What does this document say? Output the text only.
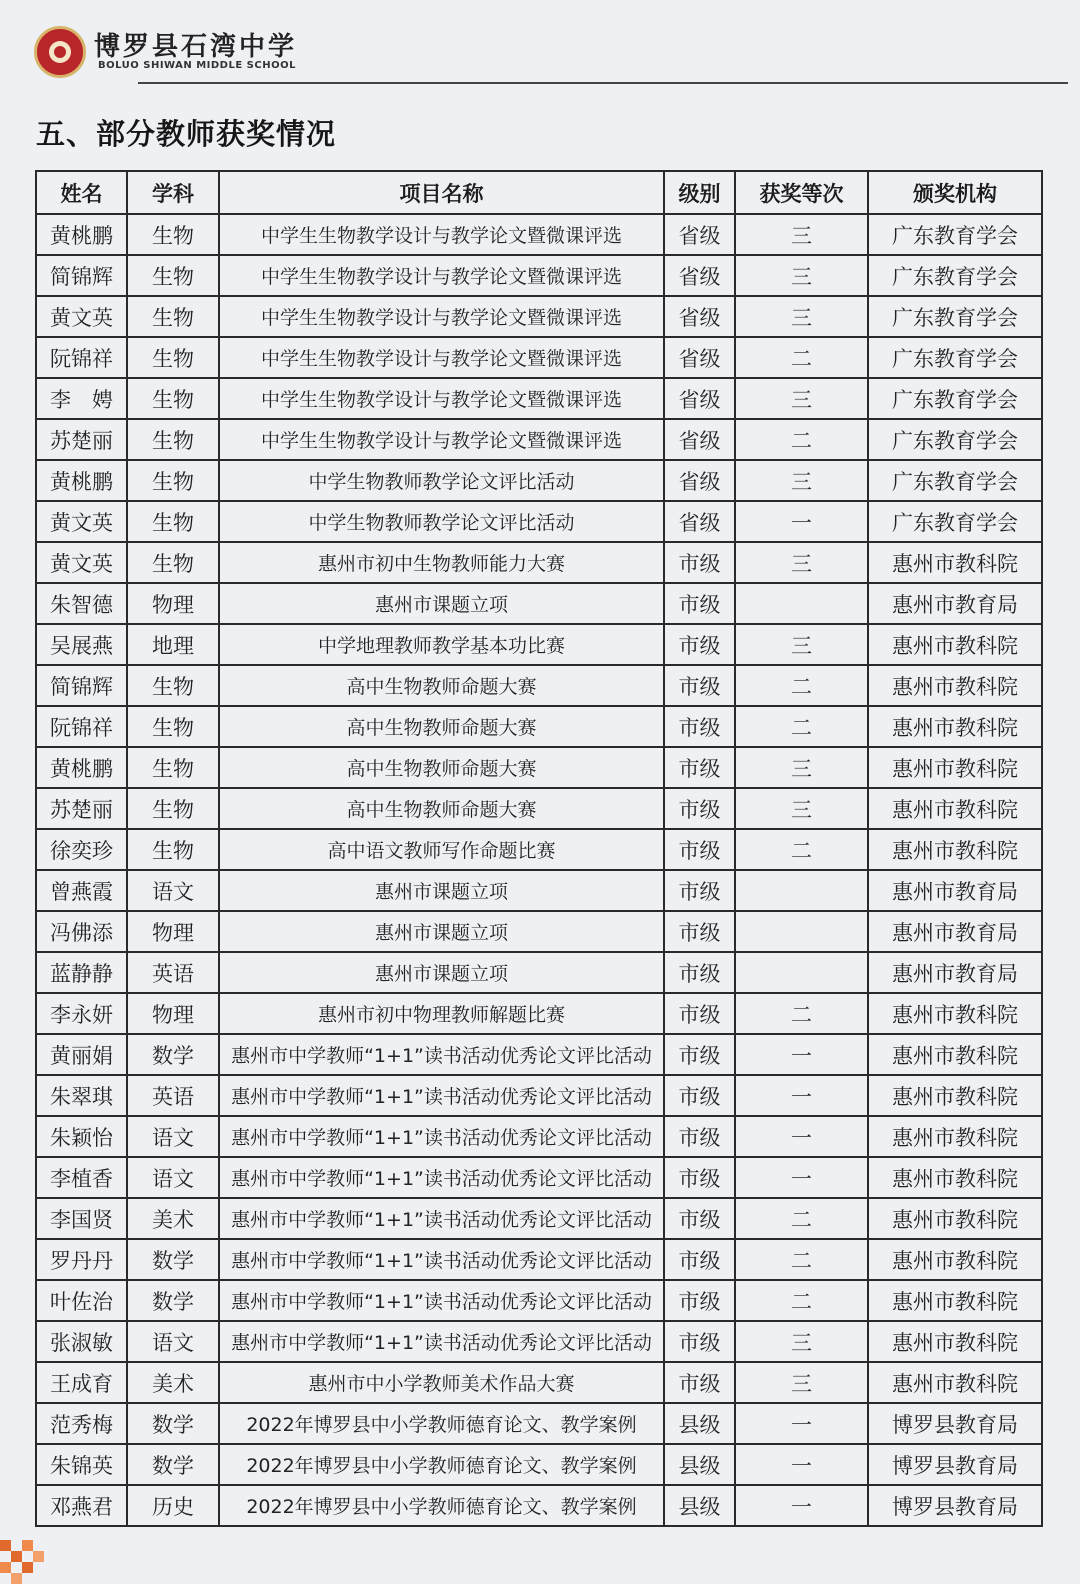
博罗县石湾中学
BOLUO SHIWAN MIDDLE SCHOOL
五、部分教师获奖情况
姓名	学科	项目名称	级别	获奖等次	颁奖机构
黄桃鹏	生物	中学生生物教学设计与教学论文暨微课评选	省级	三	广东教育学会
简锦辉	生物	中学生生物教学设计与教学论文暨微课评选	省级	三	广东教育学会
黄文英	生物	中学生生物教学设计与教学论文暨微课评选	省级	三	广东教育学会
阮锦祥	生物	中学生生物教学设计与教学论文暨微课评选	省级	二	广东教育学会
李　娉	生物	中学生生物教学设计与教学论文暨微课评选	省级	三	广东教育学会
苏楚丽	生物	中学生生物教学设计与教学论文暨微课评选	省级	二	广东教育学会
黄桃鹏	生物	中学生物教师教学论文评比活动	省级	三	广东教育学会
黄文英	生物	中学生物教师教学论文评比活动	省级	一	广东教育学会
黄文英	生物	惠州市初中生物教师能力大赛	市级	三	惠州市教科院
朱智德	物理	惠州市课题立项	市级		惠州市教育局
吴展燕	地理	中学地理教师教学基本功比赛	市级	三	惠州市教科院
简锦辉	生物	高中生物教师命题大赛	市级	二	惠州市教科院
阮锦祥	生物	高中生物教师命题大赛	市级	二	惠州市教科院
黄桃鹏	生物	高中生物教师命题大赛	市级	三	惠州市教科院
苏楚丽	生物	高中生物教师命题大赛	市级	三	惠州市教科院
徐奕珍	生物	高中语文教师写作命题比赛	市级	二	惠州市教科院
曾燕霞	语文	惠州市课题立项	市级		惠州市教育局
冯佛添	物理	惠州市课题立项	市级		惠州市教育局
蓝静静	英语	惠州市课题立项	市级		惠州市教育局
李永妍	物理	惠州市初中物理教师解题比赛	市级	二	惠州市教科院
黄丽娟	数学	惠州市中学教师“1+1”读书活动优秀论文评比活动	市级	一	惠州市教科院
朱翠琪	英语	惠州市中学教师“1+1”读书活动优秀论文评比活动	市级	一	惠州市教科院
朱颖怡	语文	惠州市中学教师“1+1”读书活动优秀论文评比活动	市级	一	惠州市教科院
李植香	语文	惠州市中学教师“1+1”读书活动优秀论文评比活动	市级	一	惠州市教科院
李国贤	美术	惠州市中学教师“1+1”读书活动优秀论文评比活动	市级	二	惠州市教科院
罗丹丹	数学	惠州市中学教师“1+1”读书活动优秀论文评比活动	市级	二	惠州市教科院
叶佐治	数学	惠州市中学教师“1+1”读书活动优秀论文评比活动	市级	二	惠州市教科院
张淑敏	语文	惠州市中学教师“1+1”读书活动优秀论文评比活动	市级	三	惠州市教科院
王成育	美术	惠州市中小学教师美术作品大赛	市级	三	惠州市教科院
范秀梅	数学	2022年博罗县中小学教师德育论文、教学案例	县级	一	博罗县教育局
朱锦英	数学	2022年博罗县中小学教师德育论文、教学案例	县级	一	博罗县教育局
邓燕君	历史	2022年博罗县中小学教师德育论文、教学案例	县级	一	博罗县教育局
